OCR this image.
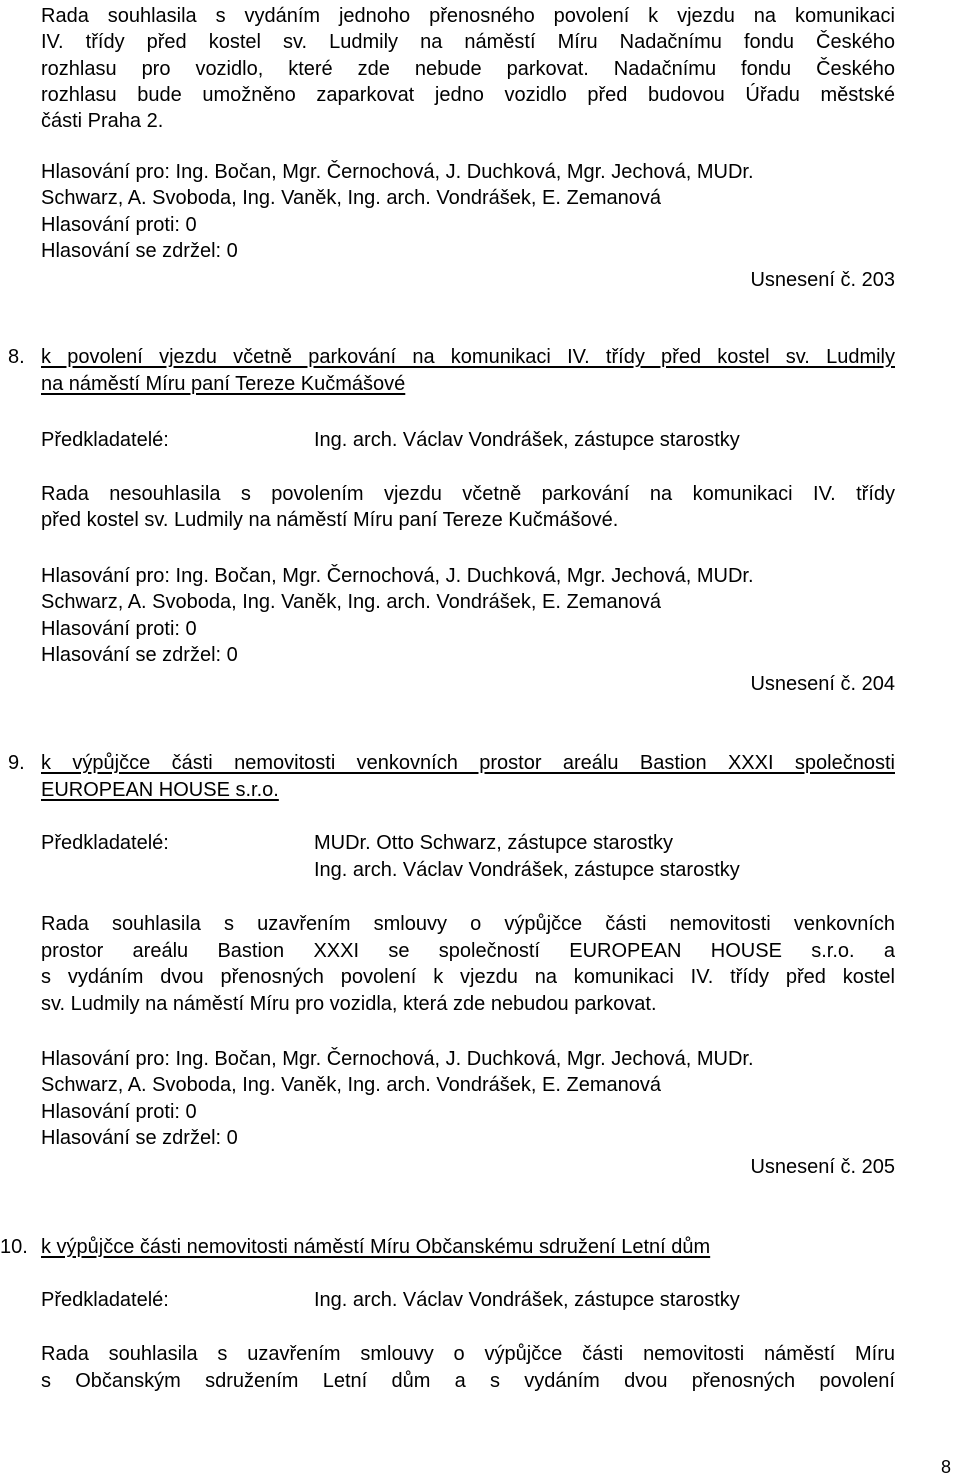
Rada souhlasila s vydáním jednoho přenosného povolení k vjezdu na komunikaci
IV. třídy před kostel sv. Ludmily na náměstí Míru Nadačnímu fondu Českého
rozhlasu pro vozidlo, které zde nebude parkovat. Nadačnímu fondu Českého
rozhlasu bude umožněno zaparkovat jedno vozidlo před budovou Úřadu městské
části Praha 2.
Hlasování pro: Ing. Bočan, Mgr. Černochová, J. Duchková, Mgr. Jechová, MUDr.
Schwarz, A. Svoboda, Ing. Vaněk, Ing. arch. Vondrášek, E. Zemanová
Hlasování proti: 0
Hlasování se zdržel: 0
Usnesení č. 203
8. k povolení vjezdu včetně parkování na komunikaci IV. třídy před kostel sv. Ludmily
na náměstí Míru paní Tereze Kučmášové
Předkladatelé:	Ing. arch. Václav Vondrášek, zástupce starostky
Rada nesouhlasila s povolením vjezdu včetně parkování na komunikaci IV. třídy
před kostel sv. Ludmily na náměstí Míru paní Tereze Kučmášové.
Hlasování pro: Ing. Bočan, Mgr. Černochová, J. Duchková, Mgr. Jechová, MUDr.
Schwarz, A. Svoboda, Ing. Vaněk, Ing. arch. Vondrášek, E. Zemanová
Hlasování proti: 0
Hlasování se zdržel: 0
Usnesení č. 204
9. k výpůjčce části nemovitosti venkovních prostor areálu Bastion XXXI společnosti
EUROPEAN HOUSE s.r.o.
Předkladatelé:	MUDr. Otto Schwarz, zástupce starostky
Ing. arch. Václav Vondrášek, zástupce starostky
Rada souhlasila s uzavřením smlouvy o výpůjčce části nemovitosti venkovních
prostor areálu Bastion XXXI se společností EUROPEAN HOUSE s.r.o. a
s vydáním dvou přenosných povolení k vjezdu na komunikaci IV. třídy před kostel
sv. Ludmily na náměstí Míru pro vozidla, která zde nebudou parkovat.
Hlasování pro: Ing. Bočan, Mgr. Černochová, J. Duchková, Mgr. Jechová, MUDr.
Schwarz, A. Svoboda, Ing. Vaněk, Ing. arch. Vondrášek, E. Zemanová
Hlasování proti: 0
Hlasování se zdržel: 0
Usnesení č. 205
10. k výpůjčce části nemovitosti náměstí Míru Občanskému sdružení Letní dům
Předkladatelé:	Ing. arch. Václav Vondrášek, zástupce starostky
Rada souhlasila s uzavřením smlouvy o výpůjčce části nemovitosti náměstí Míru
s Občanským sdružením Letní dům a s vydáním dvou přenosných povolení
8
